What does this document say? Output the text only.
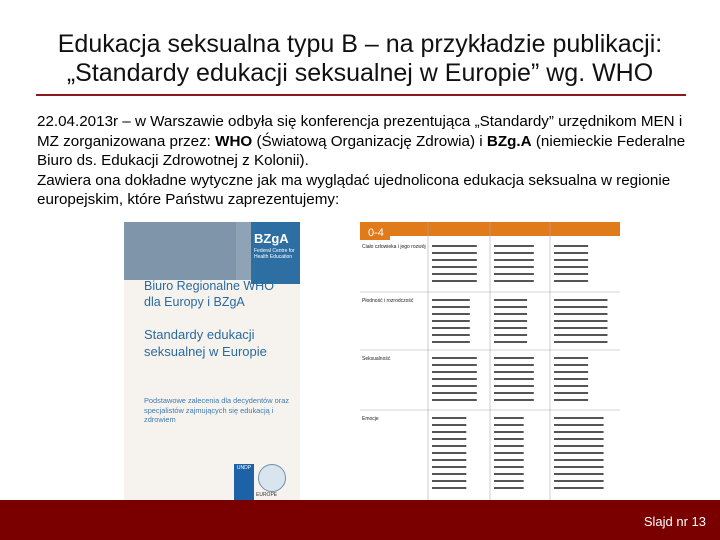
Edukacja seksualna typu B – na przykładzie publikacji:
„Standardy edukacji seksualnej w Europie” wg. WHO
22.04.2013r – w Warszawie odbyła się konferencja prezentująca „Standardy” urzędnikom MEN i MZ zorganizowana przez: WHO (Światową Organizację Zdrowia) i BZg.A (niemieckie Federalne Biuro ds. Edukacji Zdrowotnej z Kolonii).
Zawiera ona dokładne wytyczne jak ma wyglądać ujednolicona edukacja seksualna w regionie europejskim, które Państwu zaprezentujemy:
BZgA
Federal Centre for Health Education
Biuro Regionalne WHO dla Europy i BZgA
Standardy edukacji seksualnej w Europie
Podstawowe zalecenia dla decydentów oraz specjalistów zajmujących się edukacją i zdrowiem
UNDP
EUROPE
0-4
Ciało człowieka i jego rozwój
Płodność i rozrodczość
Seksualność
Emocje
Slajd nr 13
